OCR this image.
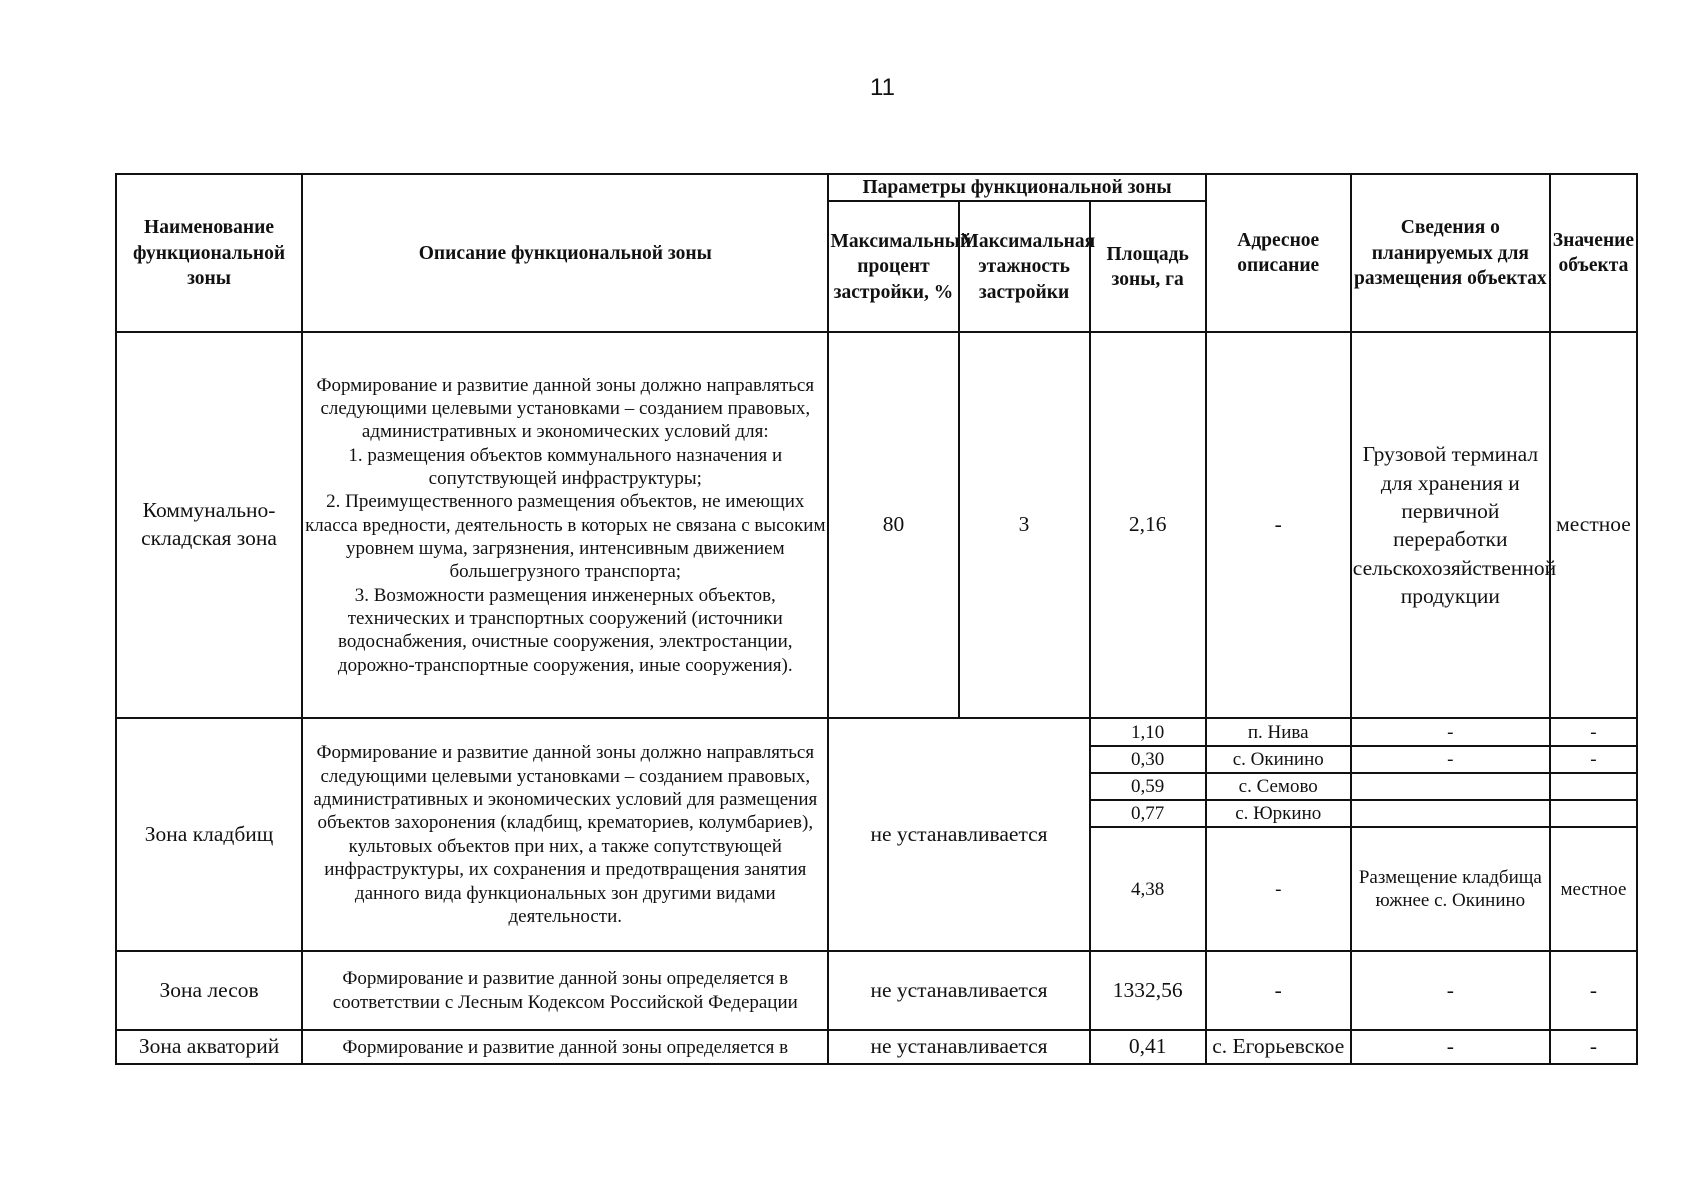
11
Наименование функциональной зоны	Описание функциональной зоны	Параметры функциональной зоны			Адресное описание	Сведения о планируемых для размещения объектах	Значение объекта
		Максимальный процент застройки, %	Максимальная этажность застройки	Площадь зоны, га			
Коммунально-складская зона	Формирование и развитие данной зоны должно направляться следующими целевыми установками – созданием правовых, административных и экономических условий для:
1. размещения объектов коммунального назначения и сопутствующей инфраструктуры;
2. Преимущественного размещения объектов, не имеющих класса вредности, деятельность в которых не связана с высоким уровнем шума, загрязнения, интенсивным движением большегрузного транспорта;
3. Возможности размещения инженерных объектов, технических и транспортных сооружений (источники водоснабжения, очистные сооружения, электростанции, дорожно-транспортные сооружения, иные сооружения).	80	3	2,16	-	Грузовой терминал для хранения и первичной переработки сельскохозяйственной продукции	местное
Зона кладбищ	Формирование и развитие данной зоны должно направляться следующими целевыми установками – созданием правовых, административных и экономических условий для размещения объектов захоронения (кладбищ, крематориев, колумбариев), культовых объектов при них, а также сопутствующей инфраструктуры, их сохранения и предотвращения занятия данного вида функциональных зон другими видами деятельности.	не устанавливается		1,10	п. Нива	-	-
				0,30	с. Окинино	-	-
				0,59	с. Семово		
				0,77	с. Юркино		
				4,38	-	Размещение кладбища южнее с. Окинино	местное
Зона лесов	Формирование и развитие данной зоны определяется в соответствии с Лесным Кодексом Российской Федерации	не устанавливается		1332,56	-	-	-
Зона акваторий	Формирование и развитие данной зоны определяется в	не устанавливается		0,41	с. Егорьевское	-	-
